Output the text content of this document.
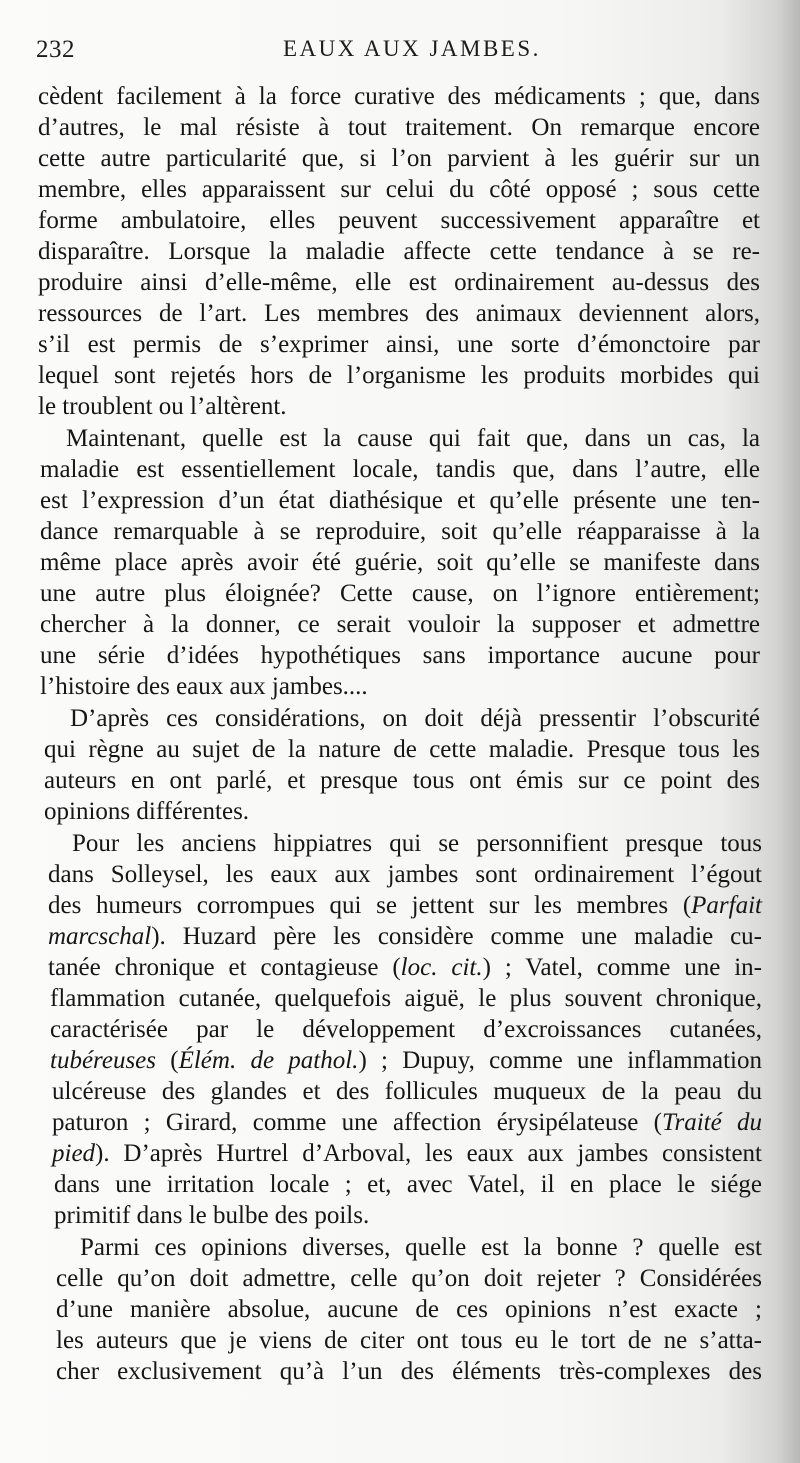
232	EAUX AUX JAMBES.
cèdent facilement à la force curative des médicaments ; que, dans
d’autres, le mal résiste à tout traitement. On remarque encore
cette autre particularité que, si l’on parvient à les guérir sur un
membre, elles apparaissent sur celui du côté opposé ; sous cette
forme ambulatoire, elles peuvent successivement apparaître et
disparaître. Lorsque la maladie affecte cette tendance à se re-
produire ainsi d’elle-même, elle est ordinairement au-dessus des
ressources de l’art. Les membres des animaux deviennent alors,
s’il est permis de s’exprimer ainsi, une sorte d’émonctoire par
lequel sont rejetés hors de l’organisme les produits morbides qui
le troublent ou l’altèrent.
Maintenant, quelle est la cause qui fait que, dans un cas, la
maladie est essentiellement locale, tandis que, dans l’autre, elle
est l’expression d’un état diathésique et qu’elle présente une ten-
dance remarquable à se reproduire, soit qu’elle réapparaisse à la
même place après avoir été guérie, soit qu’elle se manifeste dans
une autre plus éloignée? Cette cause, on l’ignore entièrement;
chercher à la donner, ce serait vouloir la supposer et admettre
une série d’idées hypothétiques sans importance aucune pour
l’histoire des eaux aux jambes....
D’après ces considérations, on doit déjà pressentir l’obscurité
qui règne au sujet de la nature de cette maladie. Presque tous les
auteurs en ont parlé, et presque tous ont émis sur ce point des
opinions différentes.
Pour les anciens hippiatres qui se personnifient presque tous
dans Solleysel, les eaux aux jambes sont ordinairement l’égout
des humeurs corrompues qui se jettent sur les membres (Parfait
marcschal). Huzard père les considère comme une maladie cu-
tanée chronique et contagieuse (loc. cit.) ; Vatel, comme une in-
flammation cutanée, quelquefois aiguë, le plus souvent chronique,
caractérisée par le développement d’excroissances cutanées,
tubéreuses (Élém. de pathol.) ; Dupuy, comme une inflammation
ulcéreuse des glandes et des follicules muqueux de la peau du
paturon ; Girard, comme une affection érysipélateuse (Traité du
pied). D’après Hurtrel d’Arboval, les eaux aux jambes consistent
dans une irritation locale ; et, avec Vatel, il en place le siége
primitif dans le bulbe des poils.
Parmi ces opinions diverses, quelle est la bonne ? quelle est
celle qu’on doit admettre, celle qu’on doit rejeter ? Considérées
d’une manière absolue, aucune de ces opinions n’est exacte ;
les auteurs que je viens de citer ont tous eu le tort de ne s’atta-
cher exclusivement qu’à l’un des éléments très-complexes des
